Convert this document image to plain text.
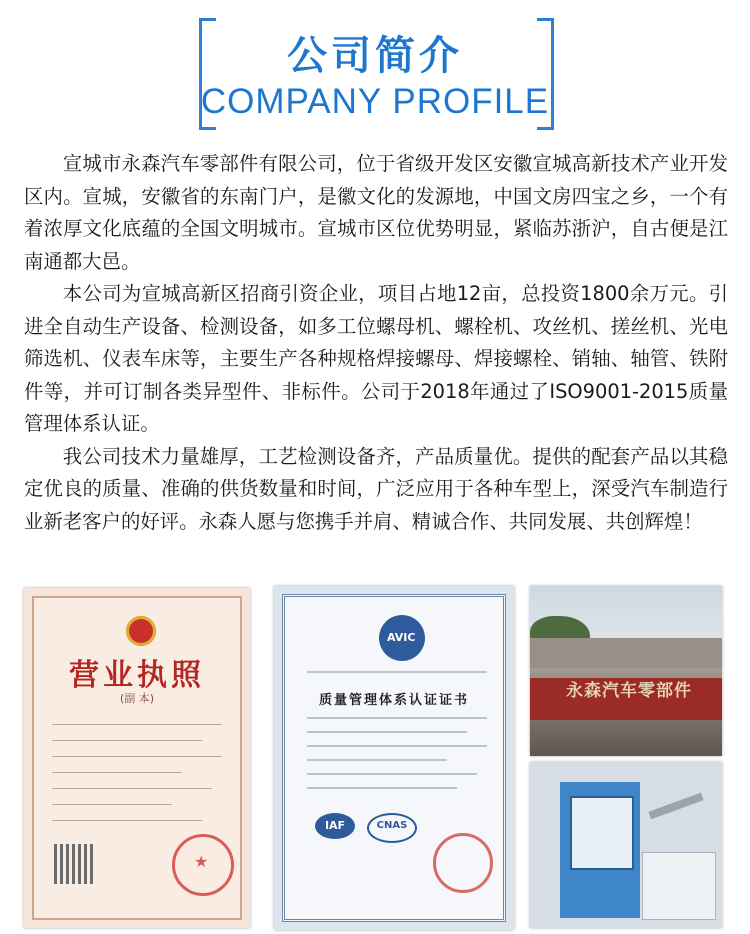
公司简介
COMPANY PROFILE

宣城市永森汽车零部件有限公司，位于省级开发区安徽宣城高新技术产业开发区内。宣城，安徽省的东南门户，是徽文化的发源地，中国文房四宝之乡，一个有着浓厚文化底蕴的全国文明城市。宣城市区位优势明显，紧临苏浙沪，自古便是江南通都大邑。

本公司为宣城高新区招商引资企业，项目占地12亩，总投资1800余万元。引进全自动生产设备、检测设备，如多工位螺母机、螺栓机、攻丝机、搓丝机、光电筛选机、仪表车床等，主要生产各种规格焊接螺母、焊接螺栓、销轴、轴管、铁附件等，并可订制各类异型件、非标件。公司于2018年通过了ISO9001-2015质量管理体系认证。

我公司技术力量雄厚，工艺检测设备齐，产品质量优。提供的配套产品以其稳定优良的质量、准确的供货数量和时间，广泛应用于各种车型上，深受汽车制造行业新老客户的好评。永森人愿与您携手并肩、精诚合作、共同发展、共创辉煌！

营业执照
(副 本)
★
AVIC	质量管理体系认证证书
IAF	CNAS
永森汽车零部件
